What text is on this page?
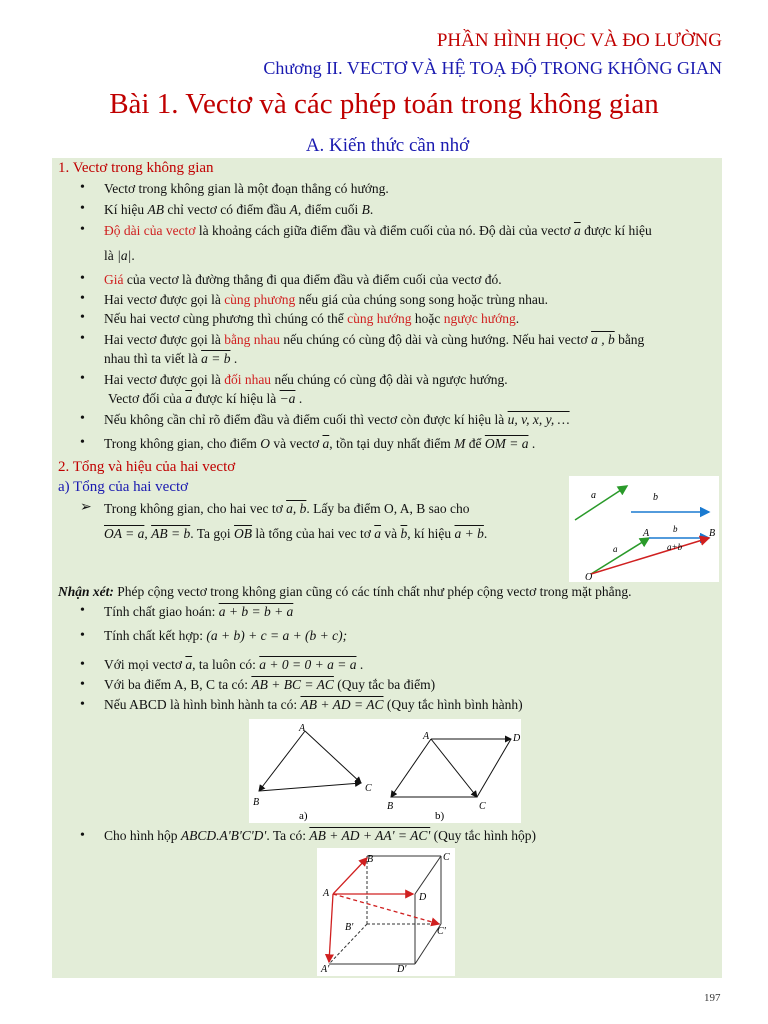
PHẦN HÌNH HỌC VÀ ĐO LƯỜNG
Chương II. VECTƠ VÀ HỆ TOẠ ĐỘ TRONG KHÔNG GIAN
Bài 1. Vectơ và các phép toán trong không gian
A. Kiến thức cần nhớ
1. Vectơ trong không gian
• Vectơ trong không gian là một đoạn thẳng có hướng.
• Kí hiệu AB chỉ vectơ có điểm đầu A, điểm cuối B.
• Độ dài của vectơ là khoảng cách giữa điểm đầu và điểm cuối của nó. Độ dài của vectơ $\overline{a}$ được kí hiệu
là |a|.
• Giá của vectơ là đường thẳng đi qua điểm đầu và điểm cuối của vectơ đó.
• Hai vectơ được gọi là cùng phương nếu giá của chúng song song hoặc trùng nhau.
• Nếu hai vectơ cùng phương thì chúng có thể cùng hướng hoặc ngược hướng.
• Hai vectơ được gọi là bằng nhau nếu chúng có cùng độ dài và cùng hướng. Nếu hai vectơ a , b bằng
nhau thì ta viết là a = b .
• Hai vectơ được gọi là đối nhau nếu chúng có cùng độ dài và ngược hướng.
Vectơ đối của $\overline{a}$ được kí hiệu là −a .
• Nếu không cần chỉ rõ điểm đầu và điểm cuối thì vectơ còn được kí hiệu là u, v, x, y, …
• Trong không gian, cho điểm O và vectơ $\overline{a}$, tồn tại duy nhất điểm M để OM = a .
2. Tổng và hiệu của hai vectơ
a) Tổng của hai vectơ
➢ Trong không gian, cho hai vec tơ a, b. Lấy ba điểm O, A, B sao cho
OA = a, AB = b. Ta gọi $\overline{OB}$ là tổng của hai vec tơ $\overline{a}$ và $\overline{b}$, kí hiệu a + b.
a	b
A	B
O
b
a	a+b
Nhận xét: Phép cộng vectơ trong không gian cũng có các tính chất như phép cộng vectơ trong mặt phẳng.
• Tính chất giao hoán: a + b = b + a
• Tính chất kết hợp: (a + b) + c = a + (b + c);
• Với mọi vectơ $\overline{a}$, ta luôn có: a + 0 = 0 + a = a .
• Với ba điểm A, B, C ta có: AB + BC = AC (Quy tắc ba điểm)
• Nếu ABCD là hình bình hành ta có: AB + AD = AC (Quy tắc hình bình hành)
A
B
C
A
B	C
D
a)	b)
• Cho hình hộp ABCD.A'B'C'D'. Ta có: AB + AD + AA' = AC' (Quy tắc hình hộp)
A
B	C
D
A'
B'	C'
D'
197
